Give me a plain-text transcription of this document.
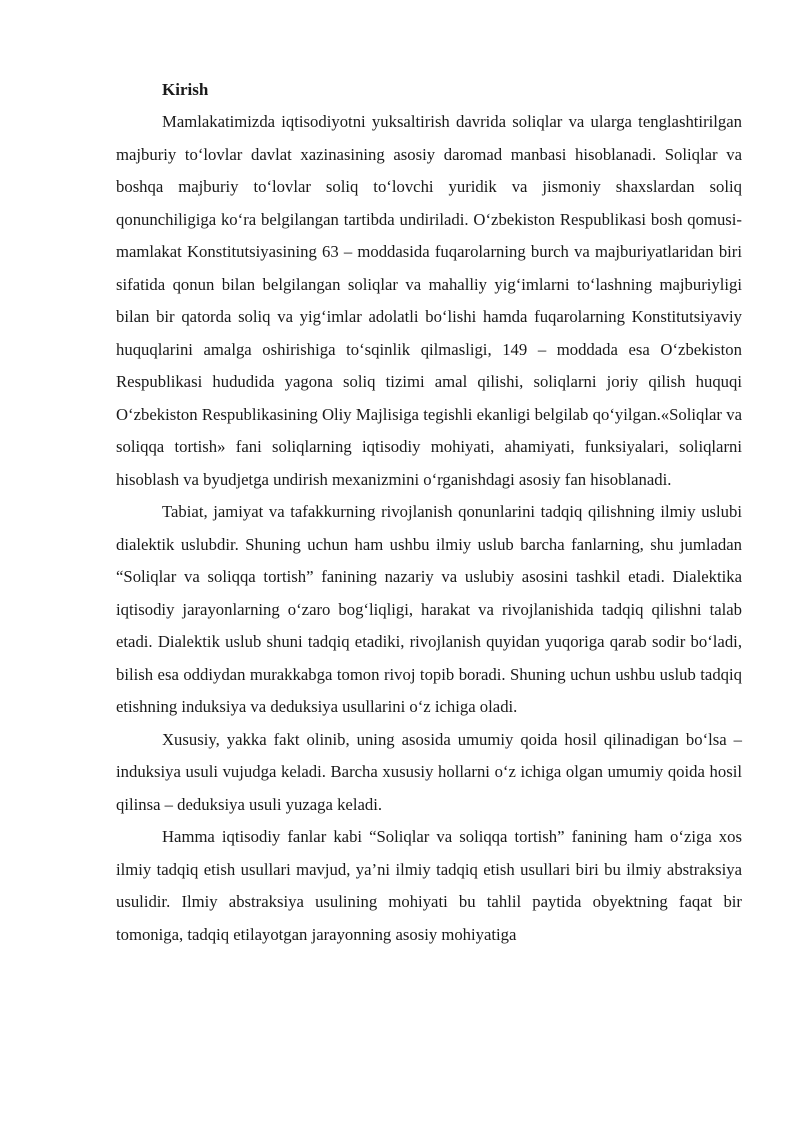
Kirish

Mamlakatimizda iqtisodiyotni yuksaltirish davrida soliqlar va ularga tenglashtirilgan majburiy to‘lovlar davlat xazinasining asosiy daromad manbasi hisoblanadi. Soliqlar va boshqa majburiy to‘lovlar soliq to‘lovchi yuridik va jismoniy shaxslardan soliq qonunchiligiga ko‘ra belgilangan tartibda undiriladi. O‘zbekiston Respublikasi bosh qomusi-mamlakat Konstitutsiyasining 63 – moddasida fuqarolarning burch va majburiyatlaridan biri sifatida qonun bilan belgilangan soliqlar va mahalliy yig‘imlarni to‘lashning majburiyligi bilan bir qatorda soliq va yig‘imlar adolatli bo‘lishi hamda fuqarolarning Konstitutsiyaviy huquqlarini amalga oshirishiga to‘sqinlik qilmasligi, 149 – moddada esa O‘zbekiston Respublikasi hududida yagona soliq tizimi amal qilishi, soliqlarni joriy qilish huquqi O‘zbekiston Respublikasining Oliy Majlisiga tegishli ekanligi belgilab qo‘yilgan.«Soliqlar va soliqqa tortish» fani soliqlarning iqtisodiy mohiyati, ahamiyati, funksiyalari, soliqlarni hisoblash va byudjetga undirish mexanizmini o‘rganishdagi asosiy fan hisoblanadi.

Tabiat, jamiyat va tafakkurning rivojlanish qonunlarini tadqiq qilishning ilmiy uslubi dialektik uslubdir. Shuning uchun ham ushbu ilmiy uslub barcha fanlarning, shu jumladan “Soliqlar va soliqqa tortish” fanining nazariy va uslubiy asosini tashkil etadi. Dialektika iqtisodiy jarayonlarning o‘zaro bog‘liqligi, harakat va rivojlanishida tadqiq qilishni talab etadi. Dialektik uslub shuni tadqiq etadiki, rivojlanish quyidan yuqoriga qarab sodir bo‘ladi, bilish esa oddiydan murakkabga tomon rivoj topib boradi. Shuning uchun ushbu uslub tadqiq etishning induksiya va deduksiya usullarini o‘z ichiga oladi.

Xususiy, yakka fakt olinib, uning asosida umumiy qoida hosil qilinadigan bo‘lsa – induksiya usuli vujudga keladi. Barcha xususiy hollarni o‘z ichiga olgan umumiy qoida hosil qilinsa – deduksiya usuli yuzaga keladi.

Hamma iqtisodiy fanlar kabi “Soliqlar va soliqqa tortish” fanining ham o‘ziga xos ilmiy tadqiq etish usullari mavjud, ya’ni ilmiy tadqiq etish usullari biri bu ilmiy abstraksiya usulidir. Ilmiy abstraksiya usulining mohiyati bu tahlil paytida obyektning faqat bir tomoniga, tadqiq etilayotgan jarayonning asosiy mohiyatiga
